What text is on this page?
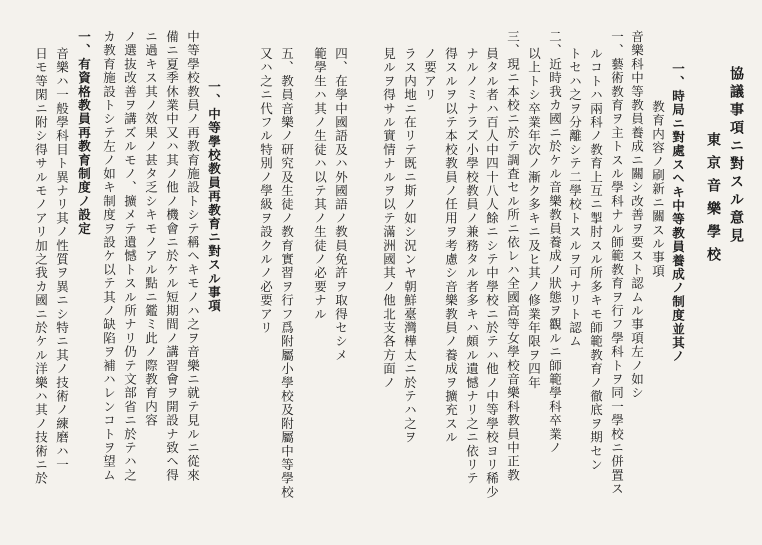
協議事項ニ對スル意見
東京音樂學校
一、時局ニ對處スヘキ中等教員養成ノ制度並其ノ
教育内容ノ刷新ニ關スル事項
音樂科中等教員養成ニ關シ改善ヲ要スト認ムル事項左ノ如シ
一、藝術教育ヲ主トスル學科ナル師範教育ヲ行フ學科トヲ同一學校ニ併置ス
ルコトハ兩科ノ教育上互ニ掣肘スル所多キモ師範教育ノ徹底ヲ期セン
トセハ之ヲ分離シテ二學校トスルヲ可ナリト認ム
二、近時我カ國ニ於ケル音樂教員養成ノ狀態ヲ觀ルニ師範學科卒業ノ
以上トシ卒業年次ノ漸ク多キニ及ヒ其ノ修業年限ヲ四年
三、現ニ本校ニ於テ調査セル所ニ依レハ全國高等女學校音樂科教員中正教
員タル者ハ百人中四十八人餘ニシテ中學校ニ於テハ他ノ中等學校ヨリ稀少
ナルノミナラズ小學校教員ノ兼務タル者多キハ頗ル遺憾ナリ之ニ依リテ
得スルヲ以テ本校教員ノ任用ヲ考慮シ音樂教員ノ養成ヲ擴充スル
ノ要アリ
ラス内地ニ在リテ既ニ斯ノ如シ況ンヤ朝鮮臺灣樺太ニ於テハ之ヲ
見ルヲ得サル實情ナルヲ以テ滿洲國其ノ他北支各方面ノ
四、在學中國語及ハ外國語ノ教員免許ヲ取得セシメ
範學生ハ其ノ生徒ハ以テ其ノ生徒ノ必要ナル
五、教員音樂ノ研究及生徒ノ教育實習ヲ行フ爲附屬小學校及附屬中等學校
又ハ之ニ代フル特別ノ學級ヲ設クルノ必要アリ
一、中等學校教員再教育ニ對スル事項
中等學校教員ノ再教育施設トシテ稱ヘキモノハ之ヲ音樂ニ就テ見ルニ從來
備ニ夏季休業中又ハ其ノ他ノ機會ニ於ケル短期間ノ講習會ヲ開設ナ致ヘ得
ニ過キス其ノ效果ノ甚タ乏シキモノアル點ニ鑑ミ此ノ際教育内容
ノ選抜改善ヲ講ズルモノ、擴メテ遺憾トスル所ナリ仍テ文部省ニ於テハ之
カ教育施設トシテ左ノ如キ制度ヲ設ケ以テ其ノ缺陷ヲ補ハレンコトヲ望ム
一、有資格教員再教育制度ノ設定
音樂ハ一般學科目ト異ナリ其ノ性質ヲ異ニシ特ニ其ノ技術ノ練磨ハ一
日モ等閑ニ附シ得サルモノアリ加之我カ國ニ於ケル洋樂ハ其ノ技術ニ於
